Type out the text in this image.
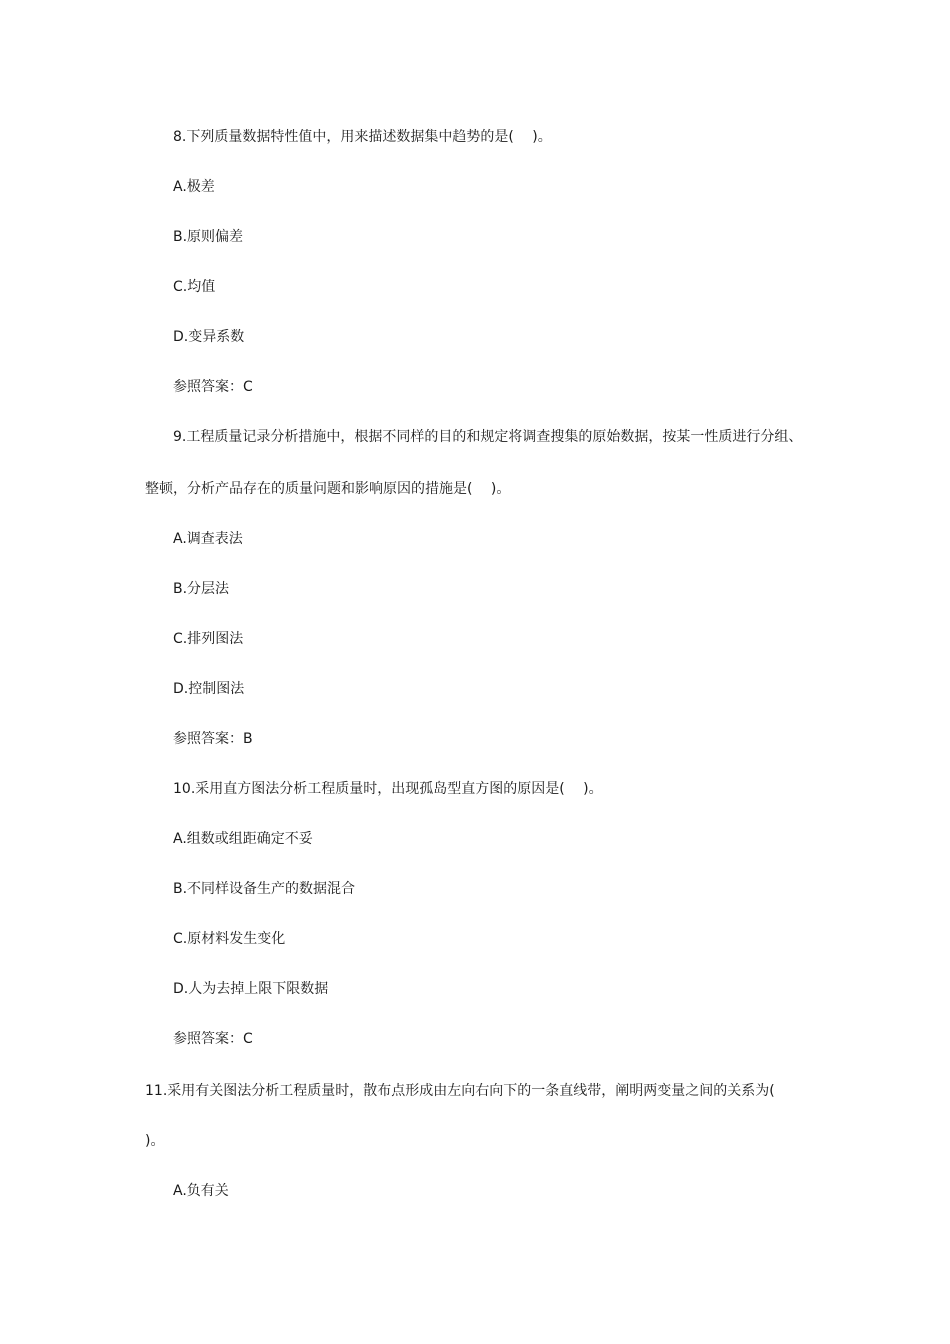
8.下列质量数据特性值中，用来描述数据集中趋势的是(　 )。
A.极差
B.原则偏差
C.均值
D.变异系数
参照答案：C
9.工程质量记录分析措施中，根据不同样的目的和规定将调查搜集的原始数据，按某一性质进行分组、
整顿，分析产品存在的质量问题和影响原因的措施是(　 )。
A.调查表法
B.分层法
C.排列图法
D.控制图法
参照答案：B
10.采用直方图法分析工程质量时，出现孤岛型直方图的原因是(　 )。
A.组数或组距确定不妥
B.不同样设备生产的数据混合
C.原材料发生变化
D.人为去掉上限下限数据
参照答案：C
11.采用有关图法分析工程质量时，散布点形成由左向右向下的一条直线带，阐明两变量之间的关系为(
)。
A.负有关
